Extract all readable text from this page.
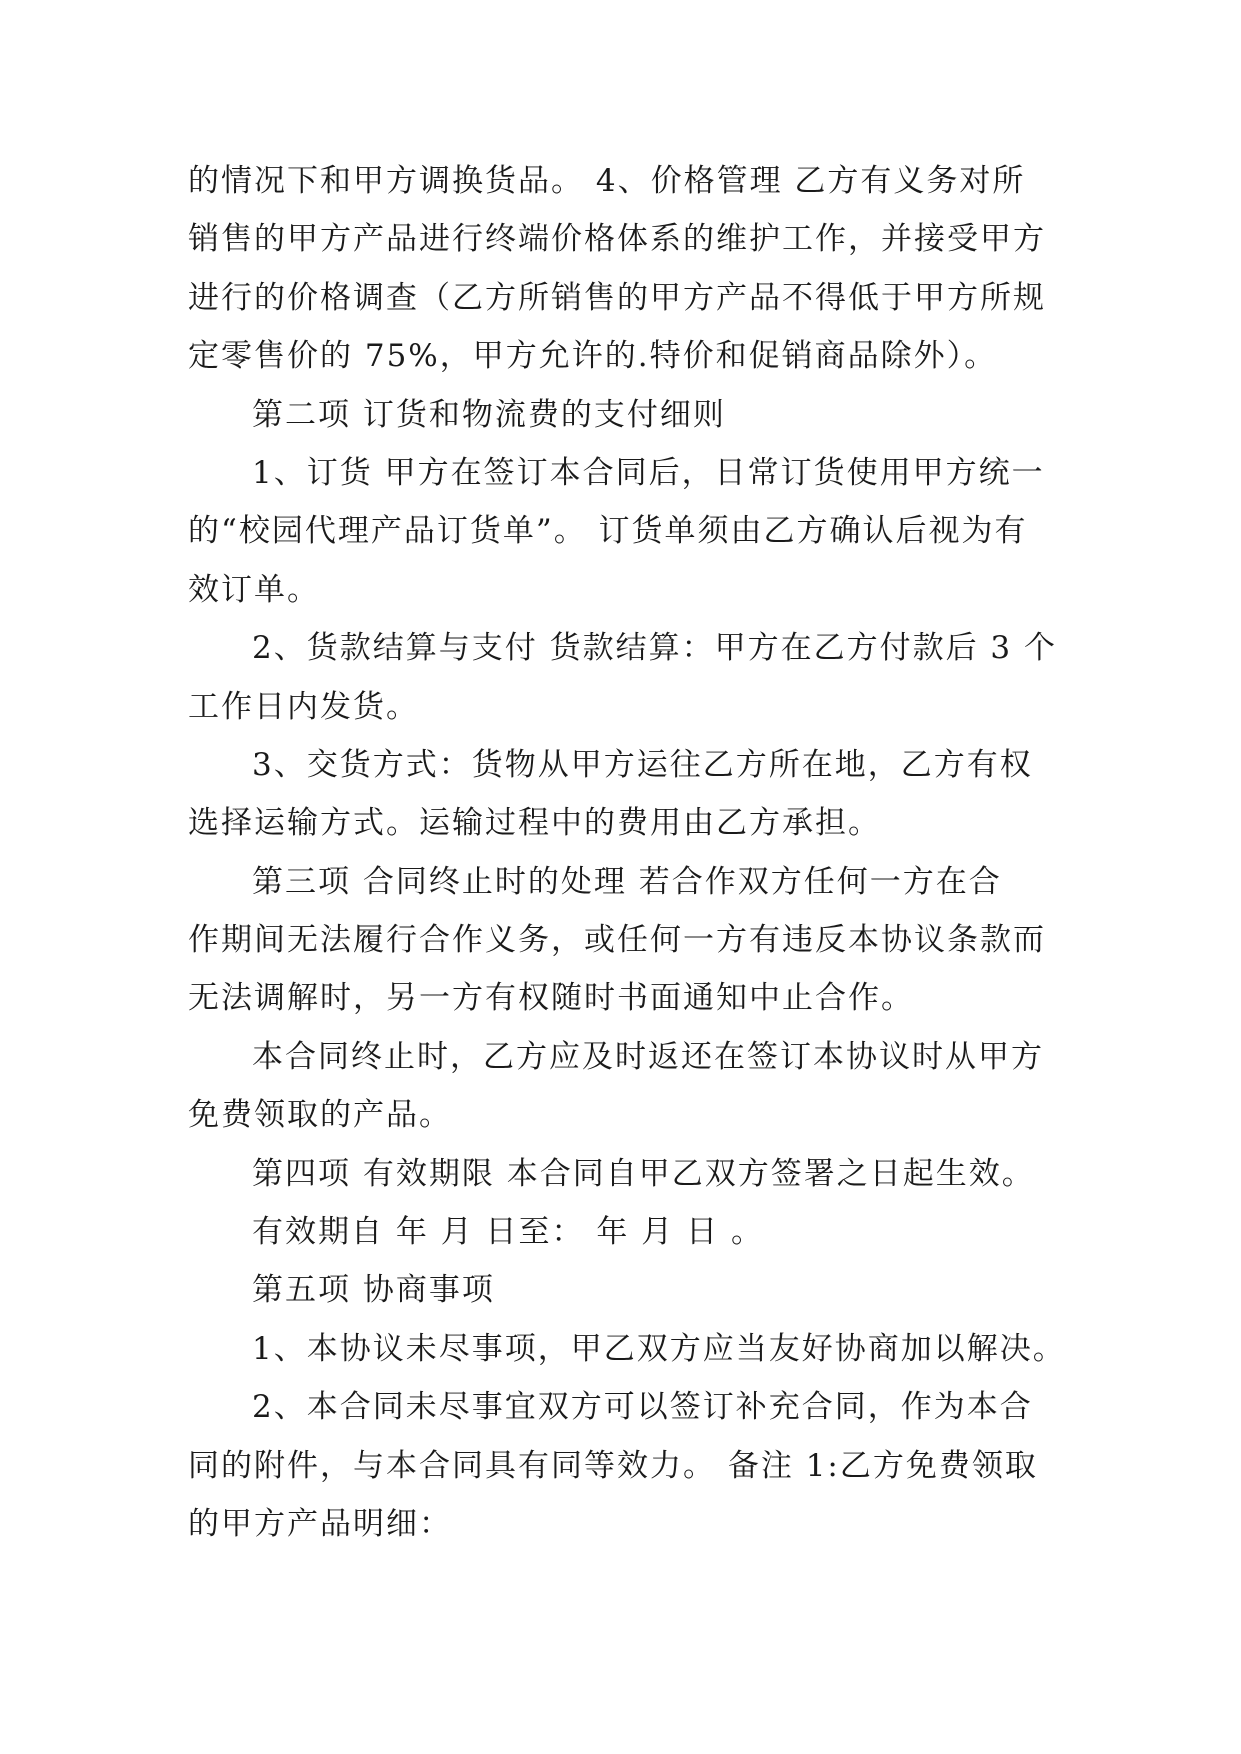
的情况下和甲方调换货品。 4、价格管理 乙方有义务对所
销售的甲方产品进行终端价格体系的维护工作，并接受甲方
进行的价格调查（乙方所销售的甲方产品不得低于甲方所规
定零售价的 75%，甲方允许的.特价和促销商品除外）。
第二项 订货和物流费的支付细则
1、订货 甲方在签订本合同后，日常订货使用甲方统一
的“校园代理产品订货单”。 订货单须由乙方确认后视为有
效订单。
2、货款结算与支付 货款结算：甲方在乙方付款后 3 个
工作日内发货。
3、交货方式：货物从甲方运往乙方所在地，乙方有权
选择运输方式。运输过程中的费用由乙方承担。
第三项 合同终止时的处理 若合作双方任何一方在合
作期间无法履行合作义务，或任何一方有违反本协议条款而
无法调解时，另一方有权随时书面通知中止合作。
本合同终止时，乙方应及时返还在签订本协议时从甲方
免费领取的产品。
第四项 有效期限 本合同自甲乙双方签署之日起生效。
有效期自 年 月 日至： 年 月 日 。
第五项 协商事项
1、本协议未尽事项，甲乙双方应当友好协商加以解决。
2、本合同未尽事宜双方可以签订补充合同，作为本合
同的附件，与本合同具有同等效力。 备注 1:乙方免费领取
的甲方产品明细：
